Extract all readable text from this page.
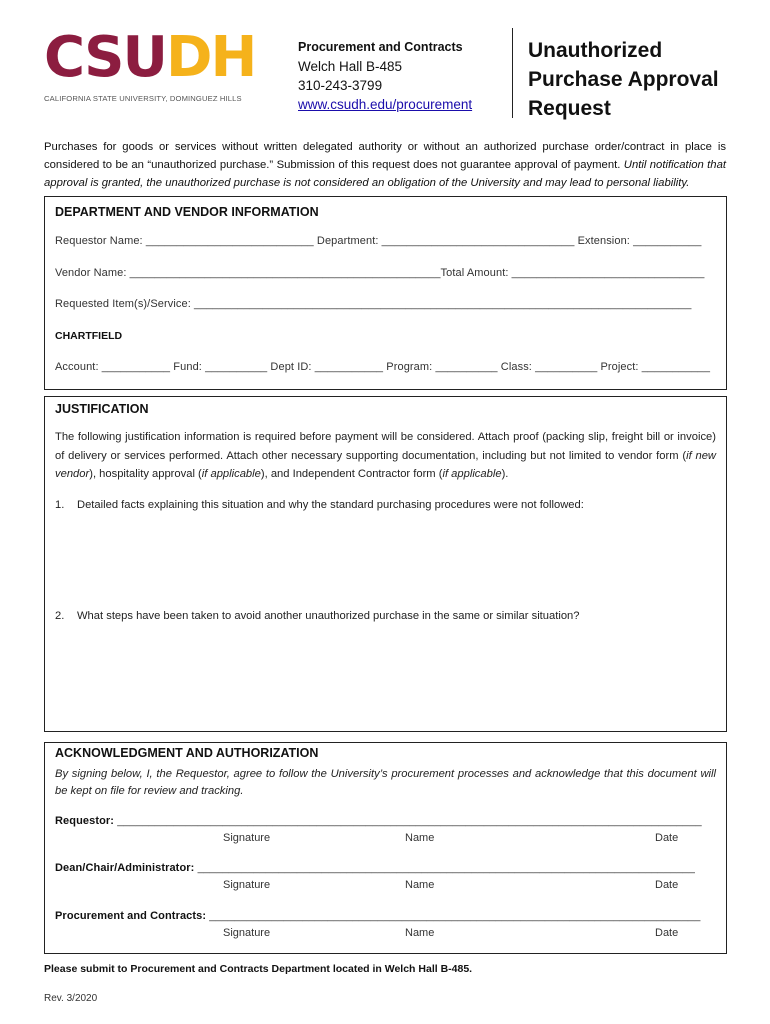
CSUDH
CALIFORNIA STATE UNIVERSITY, DOMINGUEZ HILLS
Procurement and Contracts
Welch Hall B-485
310-243-3799
www.csudh.edu/procurement
Unauthorized
Purchase Approval
Request
Purchases for goods or services without written delegated authority or without an authorized purchase order/contract in place is considered to be an “unauthorized purchase.” Submission of this request does not guarantee approval of payment. Until notification that approval is granted, the unauthorized purchase is not considered an obligation of the University and may lead to personal liability.
DEPARTMENT AND VENDOR INFORMATION
Requestor Name: ___________________________ Department: _______________________________ Extension: ___________
Vendor Name: __________________________________________________Total Amount: _______________________________
Requested Item(s)/Service: ________________________________________________________________________________
CHARTFIELD
Account: ___________ Fund: __________ Dept ID: ___________ Program: __________ Class: __________ Project: ___________
JUSTIFICATION
The following justification information is required before payment will be considered. Attach proof (packing slip, freight bill or invoice) of delivery or services performed. Attach other necessary supporting documentation, including but not limited to vendor form (if new vendor), hospitality approval (if applicable), and Independent Contractor form (if applicable).
1. Detailed facts explaining this situation and why the standard purchasing procedures were not followed:
2. What steps have been taken to avoid another unauthorized purchase in the same or similar situation?
ACKNOWLEDGMENT AND AUTHORIZATION
By signing below, I, the Requestor, agree to follow the University’s procurement processes and acknowledge that this document will be kept on file for review and tracking.
Requestor: ______________________________________________________________________________________________
Signature	Name	Date
Dean/Chair/Administrator: ________________________________________________________________________________
Signature	Name	Date
Procurement and Contracts: _______________________________________________________________________________
Signature	Name	Date
Please submit to Procurement and Contracts Department located in Welch Hall B-485.
Rev. 3/2020
